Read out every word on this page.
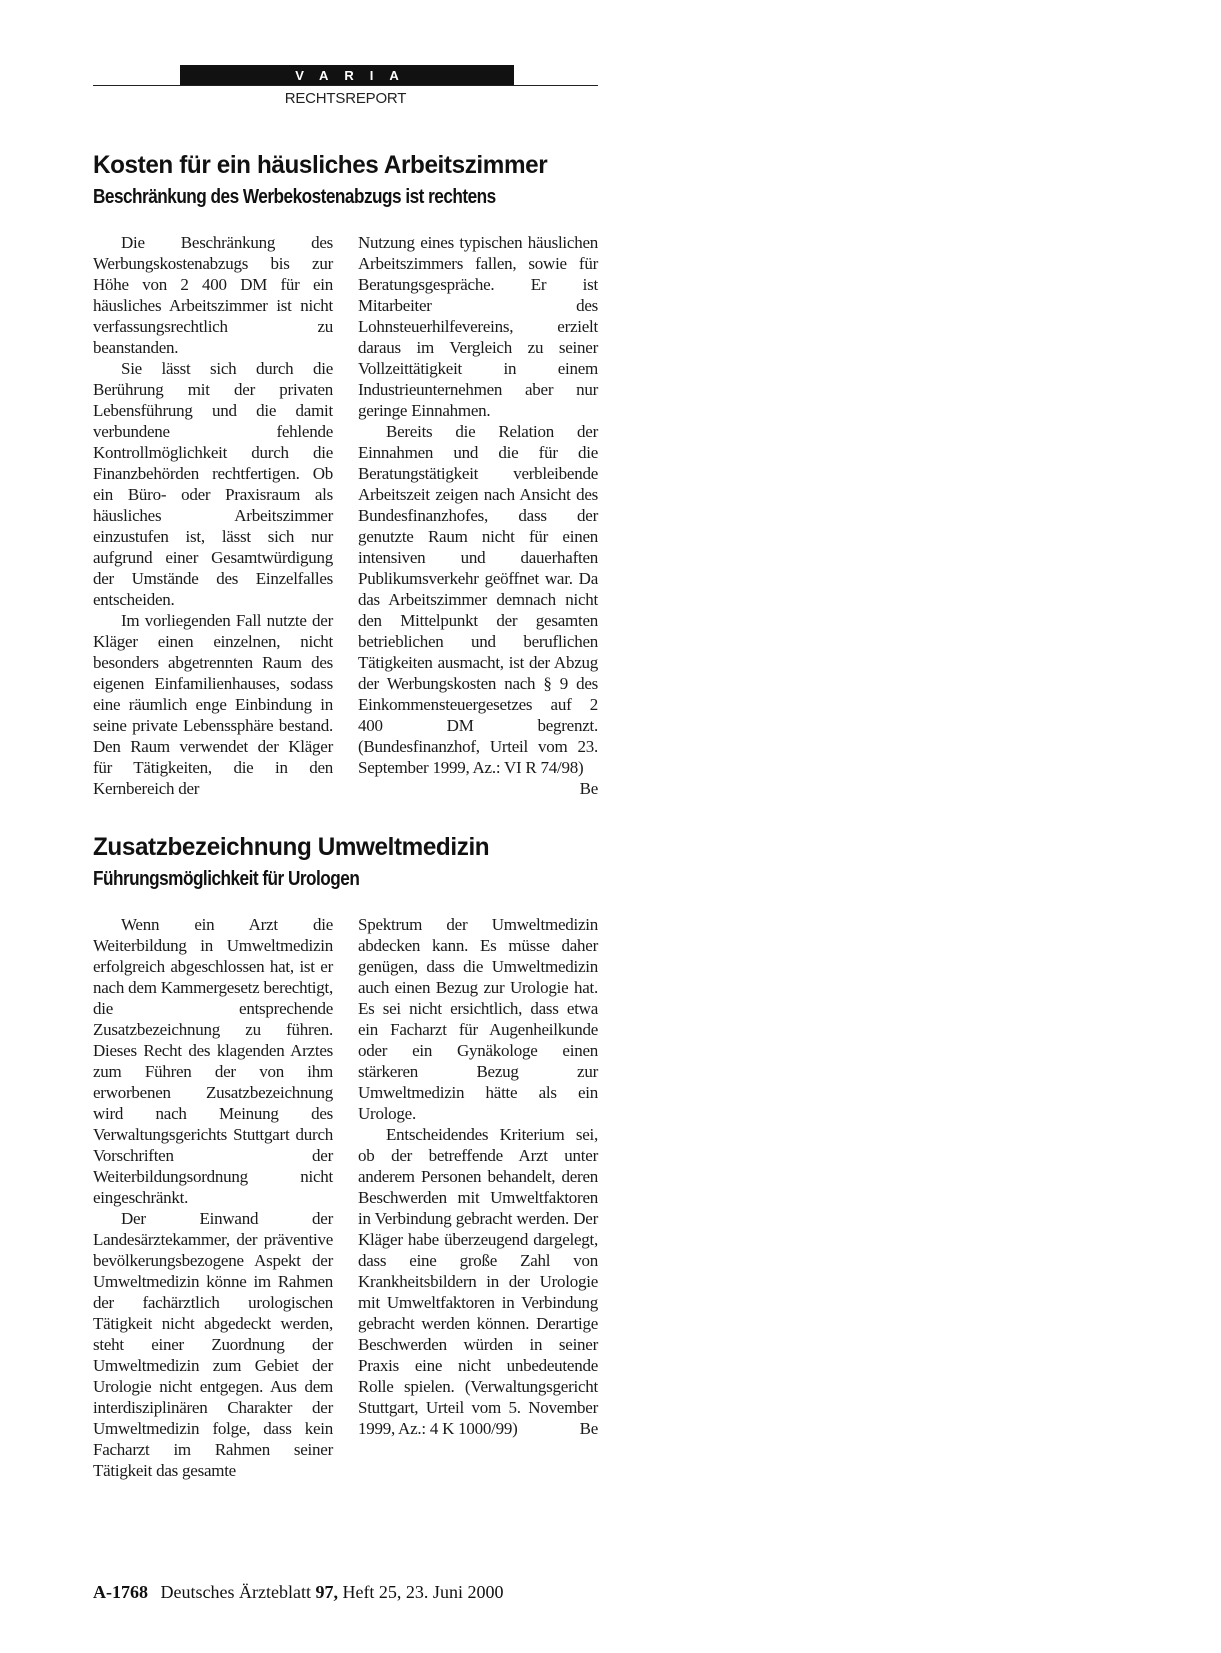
VARIA
RECHTSREPORT
Kosten für ein häusliches Arbeitszimmer
Beschränkung des Werbekostenabzugs ist rechtens

Die Beschränkung des Werbungskostenabzugs bis zur Höhe von 2 400 DM für ein häusliches Arbeitszimmer ist nicht verfassungsrechtlich zu beanstanden.

Sie lässt sich durch die Berührung mit der privaten Lebensführung und die damit verbundene fehlende Kontrollmöglichkeit durch die Finanzbehörden rechtfertigen. Ob ein Büro- oder Praxisraum als häusliches Arbeitszimmer einzustufen ist, lässt sich nur aufgrund einer Gesamtwürdigung der Umstände des Einzelfalles entscheiden.

Im vorliegenden Fall nutzte der Kläger einen einzelnen, nicht besonders abgetrennten Raum des eigenen Einfamilienhauses, sodass eine räumlich enge Einbindung in seine private Lebenssphäre bestand. Den Raum verwendet der Kläger für Tätigkeiten, die in den Kernbereich der

Nutzung eines typischen häuslichen Arbeitszimmers fallen, sowie für Beratungsgespräche. Er ist Mitarbeiter des Lohnsteuerhilfevereins, erzielt daraus im Vergleich zu seiner Vollzeittätigkeit in einem Industrieunternehmen aber nur geringe Einnahmen.

Bereits die Relation der Einnahmen und die für die Beratungstätigkeit verbleibende Arbeitszeit zeigen nach Ansicht des Bundesfinanzhofes, dass der genutzte Raum nicht für einen intensiven und dauerhaften Publikumsverkehr geöffnet war. Da das Arbeitszimmer demnach nicht den Mittelpunkt der gesamten betrieblichen und beruflichen Tätigkeiten ausmacht, ist der Abzug der Werbungskosten nach § 9 des Einkommensteuergesetzes auf 2 400 DM begrenzt. (Bundesfinanzhof, Urteil vom 23. September 1999, Az.: VI R 74/98)
Be

Zusatzbezeichnung Umweltmedizin
Führungsmöglichkeit für Urologen

Wenn ein Arzt die Weiterbildung in Umweltmedizin erfolgreich abgeschlossen hat, ist er nach dem Kammergesetz berechtigt, die entsprechende Zusatzbezeichnung zu führen. Dieses Recht des klagenden Arztes zum Führen der von ihm erworbenen Zusatzbezeichnung wird nach Meinung des Verwaltungsgerichts Stuttgart durch Vorschriften der Weiterbildungsordnung nicht eingeschränkt.

Der Einwand der Landesärztekammer, der präventive bevölkerungsbezogene Aspekt der Umweltmedizin könne im Rahmen der fachärztlich urologischen Tätigkeit nicht abgedeckt werden, steht einer Zuordnung der Umweltmedizin zum Gebiet der Urologie nicht entgegen. Aus dem interdisziplinären Charakter der Umweltmedizin folge, dass kein Facharzt im Rahmen seiner Tätigkeit das gesamte

Spektrum der Umweltmedizin abdecken kann. Es müsse daher genügen, dass die Umweltmedizin auch einen Bezug zur Urologie hat. Es sei nicht ersichtlich, dass etwa ein Facharzt für Augenheilkunde oder ein Gynäkologe einen stärkeren Bezug zur Umweltmedizin hätte als ein Urologe.

Entscheidendes Kriterium sei, ob der betreffende Arzt unter anderem Personen behandelt, deren Beschwerden mit Umweltfaktoren in Verbindung gebracht werden. Der Kläger habe überzeugend dargelegt, dass eine große Zahl von Krankheitsbildern in der Urologie mit Umweltfaktoren in Verbindung gebracht werden können. Derartige Beschwerden würden in seiner Praxis eine nicht unbedeutende Rolle spielen. (Verwaltungsgericht Stuttgart, Urteil vom 5. November 1999, Az.: 4 K 1000/99)	Be

A-1768 Deutsches Ärzteblatt 97, Heft 25, 23. Juni 2000
